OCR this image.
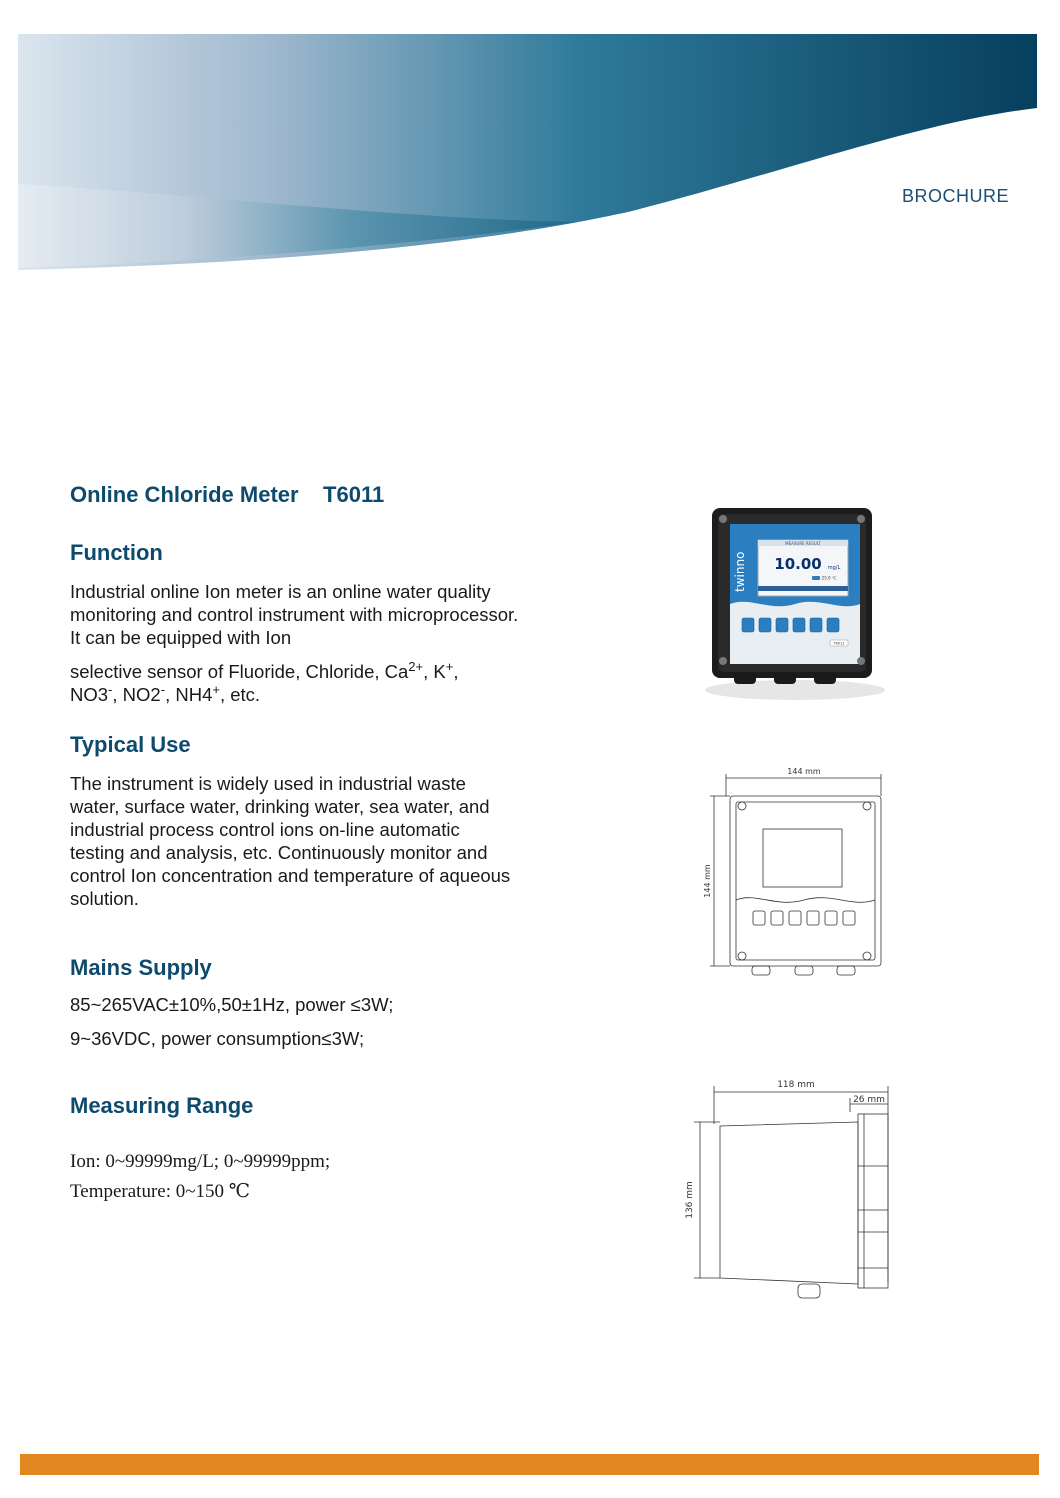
BROCHURE
Online Chloride Meter T6011
Function
Industrial online Ion meter is an online water quality monitoring and control instrument with microprocessor. It can be equipped with Ion
selective sensor of Fluoride, Chloride, $Ca^{2+}$, K+,
NO3-, NO2-, NH4+, etc.
Typical Use
The instrument is widely used in industrial waste water, surface water, drinking water, sea water, and industrial process control ions on-line automatic testing and analysis, etc. Continuously monitor and control Ion concentration and temperature of aqueous solution.
Mains Supply
85~265VAC±10%,50±1Hz, power ≤3W;
9~36VDC, power consumption≤3W;
Measuring Range
Ion: 0~99999mg/L; 0~99999ppm;
Temperature: 0~150 ℃
MEASURE RESULT
10.00 mg/L
25.0 ℃
twinno
T6011
144 mm
144 mm
118 mm
26 mm
136 mm
